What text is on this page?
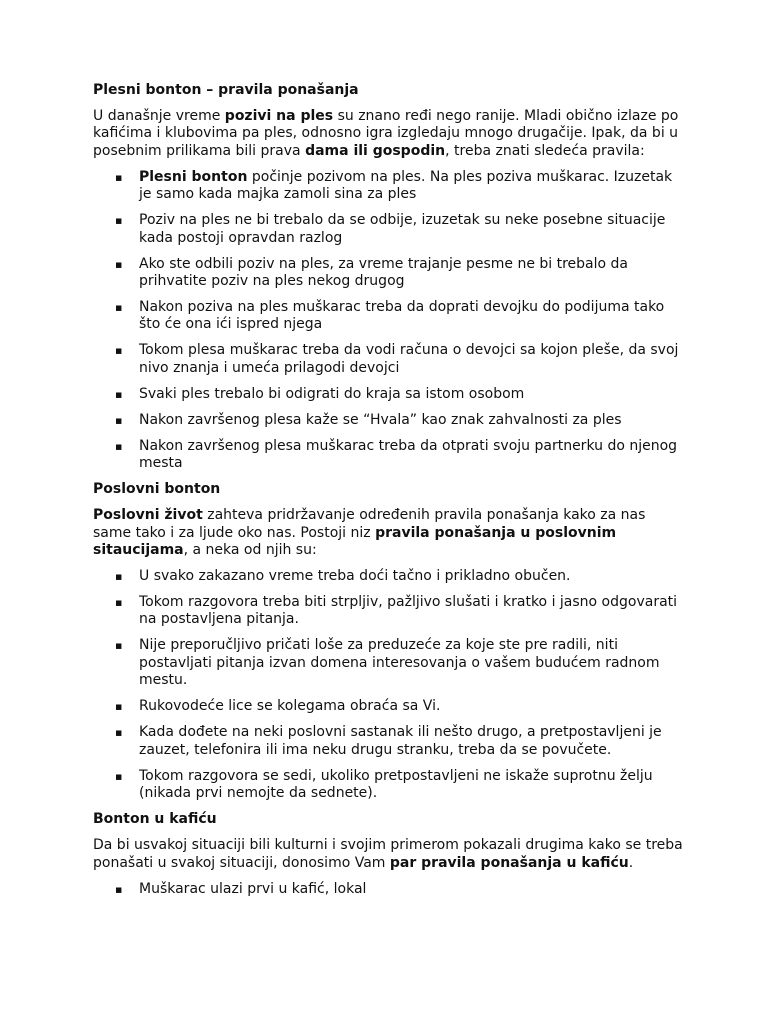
Plesni bonton – pravila ponašanja

U današnje vreme pozivi na ples su znano ređi nego ranije. Mladi obično izlaze po kafićima i klubovima pa ples, odnosno igra izgledaju mnogo drugačije. Ipak, da bi u posebnim prilikama bili prava dama ili gospodin, treba znati sledeća pravila:

▪ Plesni bonton počinje pozivom na ples. Na ples poziva muškarac. Izuzetak je samo kada majka zamoli sina za ples
▪ Poziv na ples ne bi trebalo da se odbije, izuzetak su neke posebne situacije kada postoji opravdan razlog
▪ Ako ste odbili poziv na ples, za vreme trajanje pesme ne bi trebalo da prihvatite poziv na ples nekog drugog
▪ Nakon poziva na ples muškarac treba da doprati devojku do podijuma tako što će ona ići ispred njega
▪ Tokom plesa muškarac treba da vodi računa o devojci sa kojon pleše, da svoj nivo znanja i umeća prilagodi devojci
▪ Svaki ples trebalo bi odigrati do kraja sa istom osobom
▪ Nakon završenog plesa kaže se “Hvala” kao znak zahvalnosti za ples
▪ Nakon završenog plesa muškarac treba da otprati svoju partnerku do njenog mesta

Poslovni bonton

Poslovni život zahteva pridržavanje određenih pravila ponašanja kako za nas same tako i za ljude oko nas. Postoji niz pravila ponašanja u poslovnim sitaucijama, a neka od njih su:

▪ U svako zakazano vreme treba doći tačno i prikladno obučen.
▪ Tokom razgovora treba biti strpljiv, pažljivo slušati i kratko i jasno odgovarati na postavljena pitanja.
▪ Nije preporučljivo pričati loše za preduzeće za koje ste pre radili, niti postavljati pitanja izvan domena interesovanja o vašem budućem radnom mestu.
▪ Rukovodeće lice se kolegama obraća sa Vi.
▪ Kada dođete na neki poslovni sastanak ili nešto drugo, a pretpostavljeni je zauzet, telefonira ili ima neku drugu stranku, treba da se povučete.
▪ Tokom razgovora se sedi, ukoliko pretpostavljeni ne iskaže suprotnu želju (nikada prvi nemojte da sednete).

Bonton u kafiću

Da bi usvakoj situaciji bili kulturni i svojim primerom pokazali drugima kako se treba ponašati u svakoj situaciji, donosimo Vam par pravila ponašanja u kafiću.

▪ Muškarac ulazi prvi u kafić, lokal
